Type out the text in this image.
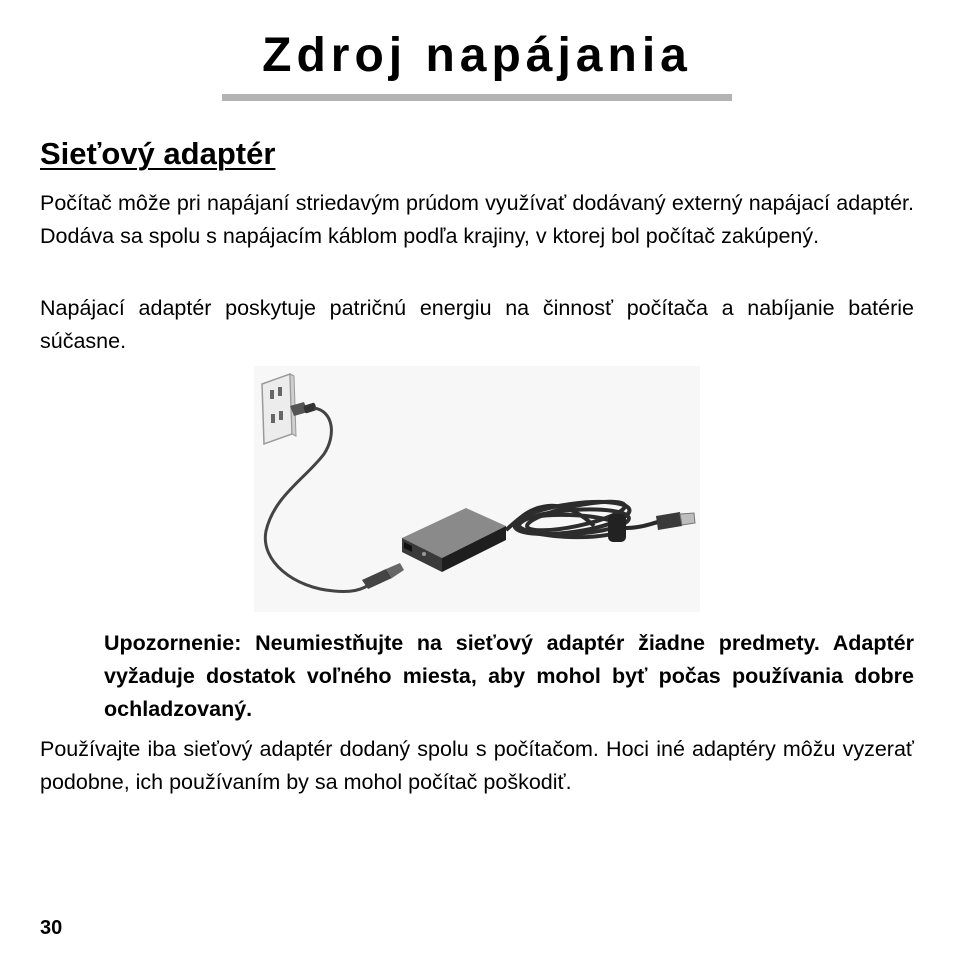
Zdroj napájania
Sieťový adaptér

Počítač môže pri napájaní striedavým prúdom využívať dodávaný externý napájací adaptér. Dodáva sa spolu s napájacím káblom podľa krajiny, v ktorej bol počítač zakúpený.

Napájací adaptér poskytuje patričnú energiu na činnosť počítača a nabíjanie batérie súčasne.

Upozornenie: Neumiestňujte na sieťový adaptér žiadne predmety. Adaptér vyžaduje dostatok voľného miesta, aby mohol byť počas používania dobre ochladzovaný.

Používajte iba sieťový adaptér dodaný spolu s počítačom. Hoci iné adaptéry môžu vyzerať podobne, ich používaním by sa mohol počítač poškodiť.

30
